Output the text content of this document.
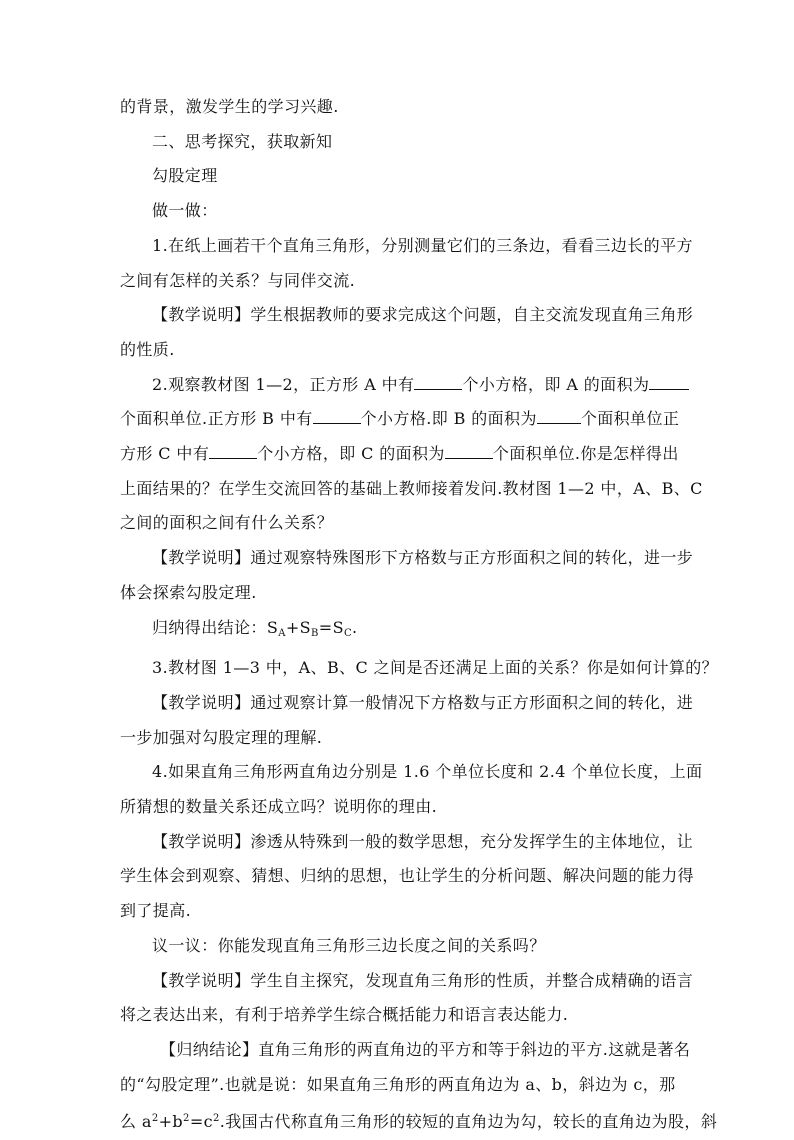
的背景，激发学生的学习兴趣.

二、思考探究，获取新知

勾股定理

做一做：

1.在纸上画若干个直角三角形，分别测量它们的三条边，看看三边长的平方

之间有怎样的关系？与同伴交流.

【教学说明】学生根据教师的要求完成这个问题，自主交流发现直角三角形

的性质.

2.观察教材图 1—2，正方形 A 中有	个小方格，即 A 的面积为

个面积单位.正方形 B 中有	个小方格.即 B 的面积为	个面积单位正

方形 C 中有	个小方格，即 C 的面积为	个面积单位.你是怎样得出

上面结果的？在学生交流回答的基础上教师接着发问.教材图 1—2 中，A、B、C

之间的面积之间有什么关系？

【教学说明】通过观察特殊图形下方格数与正方形面积之间的转化，进一步

体会探索勾股定理.

归纳得出结论：$S_A+S_B=S_C$.

3.教材图 1—3 中，A、B、C 之间是否还满足上面的关系？你是如何计算的？

【教学说明】通过观察计算一般情况下方格数与正方形面积之间的转化，进

一步加强对勾股定理的理解.

4.如果直角三角形两直角边分别是 1.6 个单位长度和 2.4 个单位长度，上面

所猜想的数量关系还成立吗？说明你的理由.

【教学说明】渗透从特殊到一般的数学思想，充分发挥学生的主体地位，让

学生体会到观察、猜想、归纳的思想，也让学生的分析问题、解决问题的能力得

到了提高.

议一议：你能发现直角三角形三边长度之间的关系吗？

【教学说明】学生自主探究，发现直角三角形的性质，并整合成精确的语言

将之表达出来，有利于培养学生综合概括能力和语言表达能力.

【归纳结论】直角三角形的两直角边的平方和等于斜边的平方.这就是著名

的“勾股定理”.也就是说：如果直角三角形的两直角边为 a、b，斜边为 c，那

么 $a^2+b^2=c^2$.我国古代称直角三角形的较短的直角边为勾，较长的直角边为股，斜
